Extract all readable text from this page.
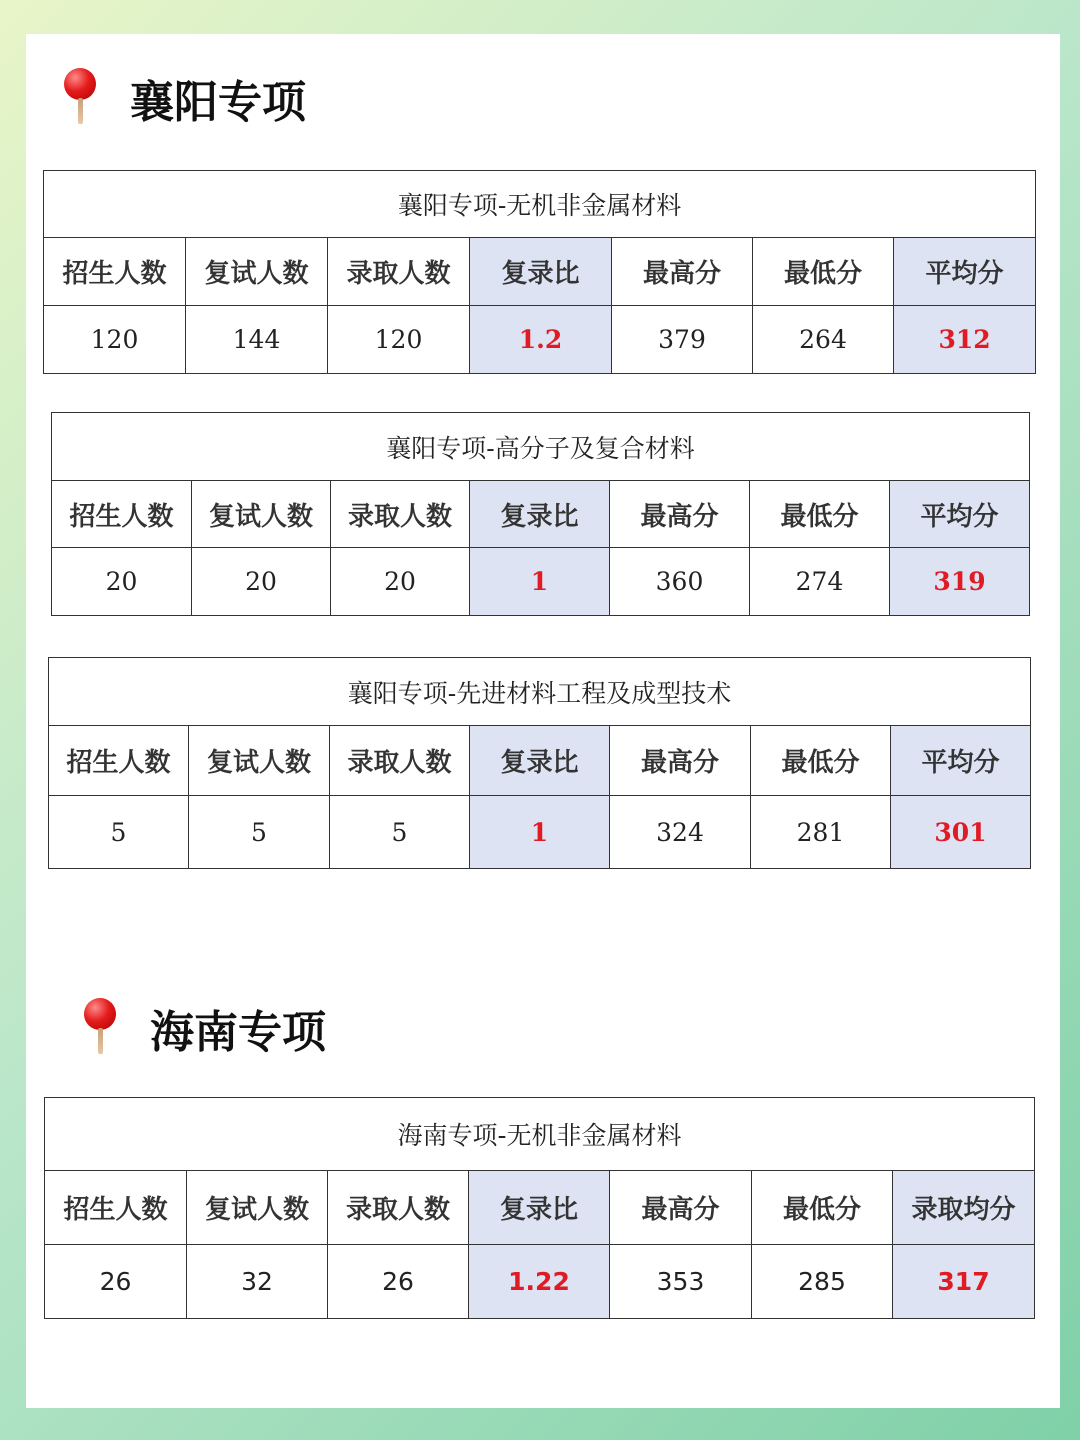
襄阳专项
襄阳专项-无机非金属材料						
招生人数	复试人数	录取人数	复录比	最高分	最低分	平均分
120	144	120	1.2	379	264	312
襄阳专项-高分子及复合材料						
招生人数	复试人数	录取人数	复录比	最高分	最低分	平均分
20	20	20	1	360	274	319
襄阳专项-先进材料工程及成型技术						
招生人数	复试人数	录取人数	复录比	最高分	最低分	平均分
5	5	5	1	324	281	301
海南专项
海南专项-无机非金属材料						
招生人数	复试人数	录取人数	复录比	最高分	最低分	录取均分
26	32	26	1.22	353	285	317
